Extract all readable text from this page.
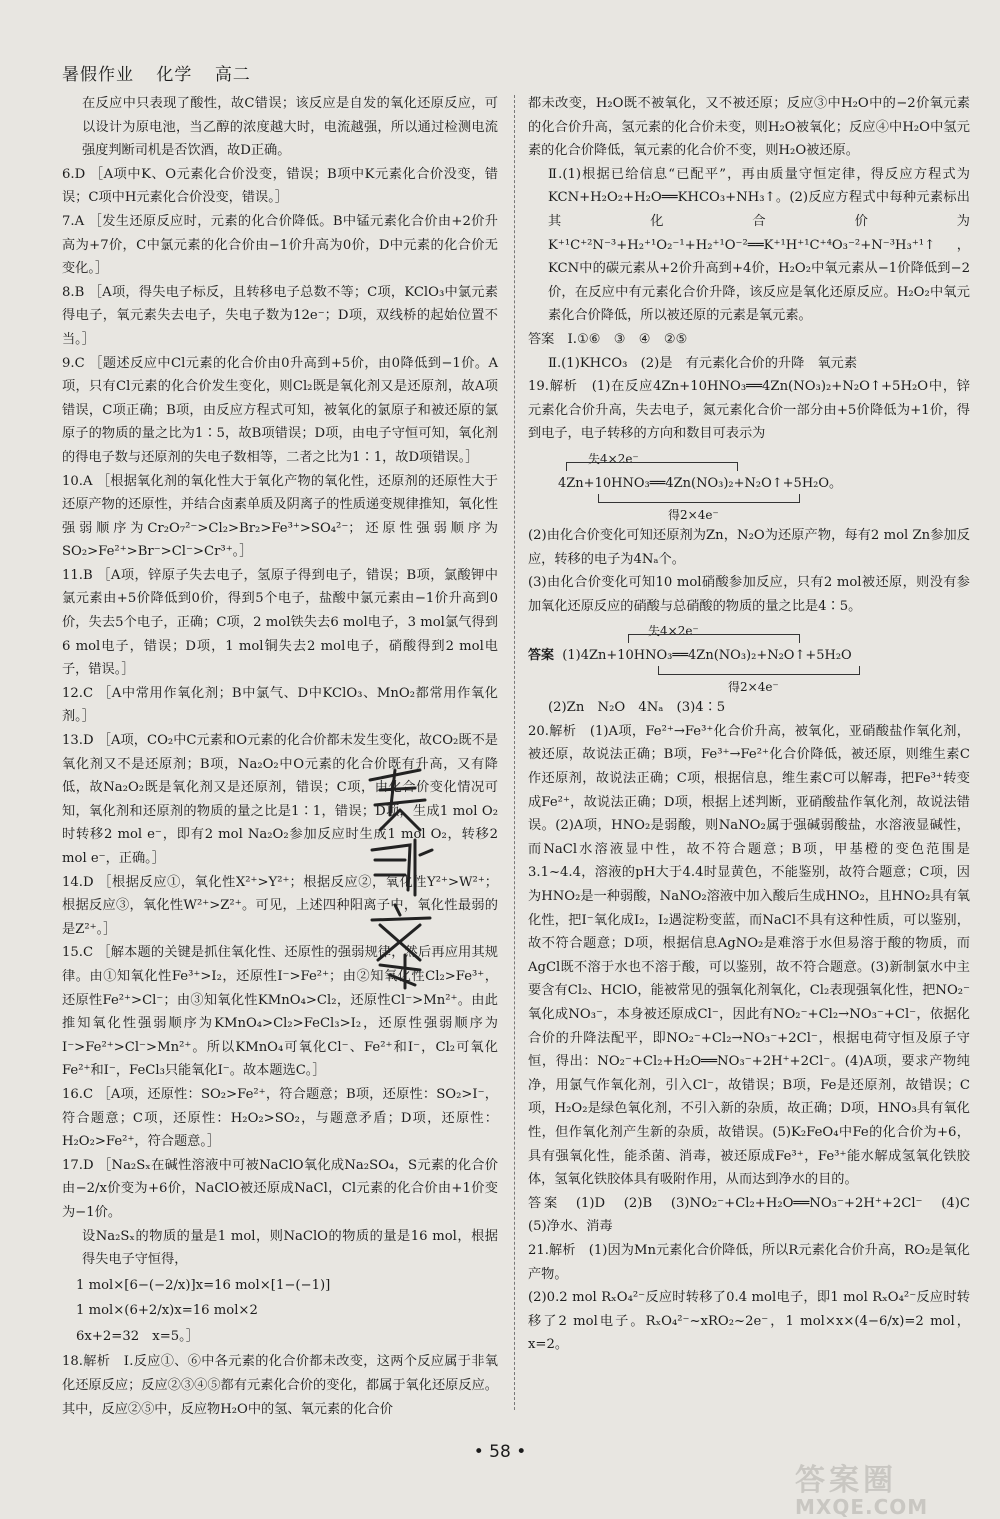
暑假作业 化学 高二

在反应中只表现了酸性，故C错误；该反应是自发的氧化还原反应，可以设计为原电池，当乙醇的浓度越大时，电流越强，所以通过检测电流强度判断司机是否饮酒，故D正确。

6.D ［A项中K、O元素化合价没变，错误；B项中K元素化合价没变，错误；C项中H元素化合价没变，错误。］

7.A ［发生还原反应时，元素的化合价降低。B中锰元素化合价由+2价升高为+7价，C中氯元素的化合价由−1价升高为0价，D中元素的化合价无变化。］

8.B ［A项，得失电子标反，且转移电子总数不等；C项，KClO₃中氯元素得电子，氧元素失去电子，失电子数为12e⁻；D项，双线桥的起始位置不当。］

9.C ［题述反应中Cl元素的化合价由0升高到+5价，由0降低到−1价。A项，只有Cl元素的化合价发生变化，则Cl₂既是氧化剂又是还原剂，故A项错误，C项正确；B项，由反应方程式可知，被氧化的氯原子和被还原的氯原子的物质的量之比为1∶5，故B项错误；D项，由电子守恒可知，氧化剂的得电子数与还原剂的失电子数相等，二者之比为1∶1，故D项错误。］

10.A ［根据氧化剂的氧化性大于氧化产物的氧化性，还原剂的还原性大于还原产物的还原性，并结合卤素单质及阴离子的性质递变规律推知，氧化性强弱顺序为Cr₂O₇²⁻>Cl₂>Br₂>Fe³⁺>SO₄²⁻；还原性强弱顺序为SO₂>Fe²⁺>Br⁻>Cl⁻>Cr³⁺。］

11.B ［A项，锌原子失去电子，氢原子得到电子，错误；B项，氯酸钾中氯元素由+5价降低到0价，得到5个电子，盐酸中氯元素由−1价升高到0价，失去5个电子，正确；C项，2 mol铁失去6 mol电子，3 mol氯气得到6 mol电子，错误；D项，1 mol铜失去2 mol电子，硝酸得到2 mol电子，错误。］

12.C ［A中常用作氧化剂；B中氯气、D中KClO₃、MnO₂都常用作氧化剂。］

13.D ［A项，CO₂中C元素和O元素的化合价都未发生变化，故CO₂既不是氧化剂又不是还原剂；B项，Na₂O₂中O元素的化合价既有升高，又有降低，故Na₂O₂既是氧化剂又是还原剂，错误；C项，由化合价变化情况可知，氧化剂和还原剂的物质的量之比是1∶1，错误；D项，生成1 mol O₂时转移2 mol e⁻，即有2 mol Na₂O₂参加反应时生成1 mol O₂，转移2 mol e⁻，正确。］

14.D ［根据反应①，氧化性X²⁺>Y²⁺；根据反应②，氧化性Y²⁺>W²⁺；根据反应③，氧化性W²⁺>Z²⁺。可见，上述四种阳离子中，氧化性最弱的是Z²⁺。］

15.C ［解本题的关键是抓住氧化性、还原性的强弱规律，然后再应用其规律。由①知氧化性Fe³⁺>I₂，还原性I⁻>Fe²⁺；由②知氧化性Cl₂>Fe³⁺，还原性Fe²⁺>Cl⁻；由③知氧化性KMnO₄>Cl₂，还原性Cl⁻>Mn²⁺。由此推知氧化性强弱顺序为KMnO₄>Cl₂>FeCl₃>I₂，还原性强弱顺序为I⁻>Fe²⁺>Cl⁻>Mn²⁺。所以KMnO₄可氧化Cl⁻、Fe²⁺和I⁻，Cl₂可氧化Fe²⁺和I⁻，FeCl₃只能氧化I⁻。故本题选C。］

16.C ［A项，还原性：SO₂>Fe²⁺，符合题意；B项，还原性：SO₂>I⁻，符合题意；C项，还原性：H₂O₂>SO₂，与题意矛盾；D项，还原性：H₂O₂>Fe²⁺，符合题意。］

17.D ［Na₂Sₓ在碱性溶液中可被NaClO氧化成Na₂SO₄，S元素的化合价由−2/x价变为+6价，NaClO被还原成NaCl，Cl元素的化合价由+1价变为−1价。

设Na₂Sₓ的物质的量是1 mol，则NaClO的物质的量是16 mol，根据得失电子守恒得，

1 mol×[6−(−2/x)]x=16 mol×[1−(−1)]
1 mol×(6+2/x)x=16 mol×2
6x+2=32　x=5。］

18.解析　Ⅰ.反应①、⑥中各元素的化合价都未改变，这两个反应属于非氧化还原反应；反应②③④⑤都有元素化合价的变化，都属于氧化还原反应。其中，反应②⑤中，反应物H₂O中的氢、氧元素的化合价

都未改变，H₂O既不被氧化，又不被还原；反应③中H₂O中的−2价氧元素的化合价升高，氢元素的化合价未变，则H₂O被氧化；反应④中H₂O中氢元素的化合价降低，氧元素的化合价不变，则H₂O被还原。

Ⅱ.(1)根据已给信息“已配平”，再由质量守恒定律，得反应方程式为KCN+H₂O₂+H₂O══KHCO₃+NH₃↑。(2)反应方程式中每种元素标出其化合价为K⁺¹C⁺²N⁻³+H₂⁺¹O₂⁻¹+H₂⁺¹O⁻²══K⁺¹H⁺¹C⁺⁴O₃⁻²+N⁻³H₃⁺¹↑，KCN中的碳元素从+2价升高到+4价，H₂O₂中氧元素从−1价降低到−2价，在反应中有元素化合价升降，该反应是氧化还原反应。H₂O₂中氧元素化合价降低，所以被还原的元素是氧元素。

答案　Ⅰ.①⑥　③　④　②⑤

Ⅱ.(1)KHCO₃　(2)是　有元素化合价的升降　氧元素

19.解析　(1)在反应4Zn+10HNO₃══4Zn(NO₃)₂+N₂O↑+5H₂O中，锌元素化合价升高，失去电子，氮元素化合价一部分由+5价降低为+1价，得到电子，电子转移的方向和数目可表示为

失4×2e⁻
4Zn+10HNO₃══4Zn(NO₃)₂+N₂O↑+5H₂O。
得2×4e⁻

(2)由化合价变化可知还原剂为Zn，N₂O为还原产物，每有2 mol Zn参加反应，转移的电子为4Nₐ个。

(3)由化合价变化可知10 mol硝酸参加反应，只有2 mol被还原，则没有参加氧化还原反应的硝酸与总硝酸的物质的量之比是4∶5。

失4×2e⁻
答案 (1)4Zn+10HNO₃══4Zn(NO₃)₂+N₂O↑+5H₂O
得2×4e⁻

(2)Zn　N₂O　4Nₐ　(3)4∶5

20.解析　(1)A项，Fe²⁺→Fe³⁺化合价升高，被氧化，亚硝酸盐作氧化剂，被还原，故说法正确；B项，Fe³⁺→Fe²⁺化合价降低，被还原，则维生素C作还原剂，故说法正确；C项，根据信息，维生素C可以解毒，把Fe³⁺转变成Fe²⁺，故说法正确；D项，根据上述判断，亚硝酸盐作氧化剂，故说法错误。(2)A项，HNO₂是弱酸，则NaNO₂属于强碱弱酸盐，水溶液显碱性，而NaCl水溶液显中性，故不符合题意；B项，甲基橙的变色范围是3.1~4.4，溶液的pH大于4.4时显黄色，不能鉴别，故符合题意；C项，因为HNO₂是一种弱酸，NaNO₂溶液中加入酸后生成HNO₂，且HNO₂具有氧化性，把I⁻氧化成I₂，I₂遇淀粉变蓝，而NaCl不具有这种性质，可以鉴别，故不符合题意；D项，根据信息AgNO₂是难溶于水但易溶于酸的物质，而AgCl既不溶于水也不溶于酸，可以鉴别，故不符合题意。(3)新制氯水中主要含有Cl₂、HClO，能被常见的强氧化剂氧化，Cl₂表现强氧化性，把NO₂⁻氧化成NO₃⁻，本身被还原成Cl⁻，因此有NO₂⁻+Cl₂→NO₃⁻+Cl⁻，依据化合价的升降法配平，即NO₂⁻+Cl₂→NO₃⁻+2Cl⁻，根据电荷守恒及原子守恒，得出：NO₂⁻+Cl₂+H₂O══NO₃⁻+2H⁺+2Cl⁻。(4)A项，要求产物纯净，用氯气作氧化剂，引入Cl⁻，故错误；B项，Fe是还原剂，故错误；C项，H₂O₂是绿色氧化剂，不引入新的杂质，故正确；D项，HNO₃具有氧化性，但作氧化剂产生新的杂质，故错误。(5)K₂FeO₄中Fe的化合价为+6，具有强氧化性，能杀菌、消毒，被还原成Fe³⁺，Fe³⁺能水解成氢氧化铁胶体，氢氧化铁胶体具有吸附作用，从而达到净水的目的。

答案　(1)D　(2)B　(3)NO₂⁻+Cl₂+H₂O══NO₃⁻+2H⁺+2Cl⁻　(4)C　(5)净水、消毒

21.解析　(1)因为Mn元素化合价降低，所以R元素化合价升高，RO₂是氧化产物。

(2)0.2 mol RₓO₄²⁻反应时转移了0.4 mol电子，即1 mol RₓO₄²⁻反应时转移了2 mol电子。RₓO₄²⁻~xRO₂~2e⁻，1 mol×x×(4−6/x)=2 mol，x=2。

• 58 •
答案圈
MXQE.COM
